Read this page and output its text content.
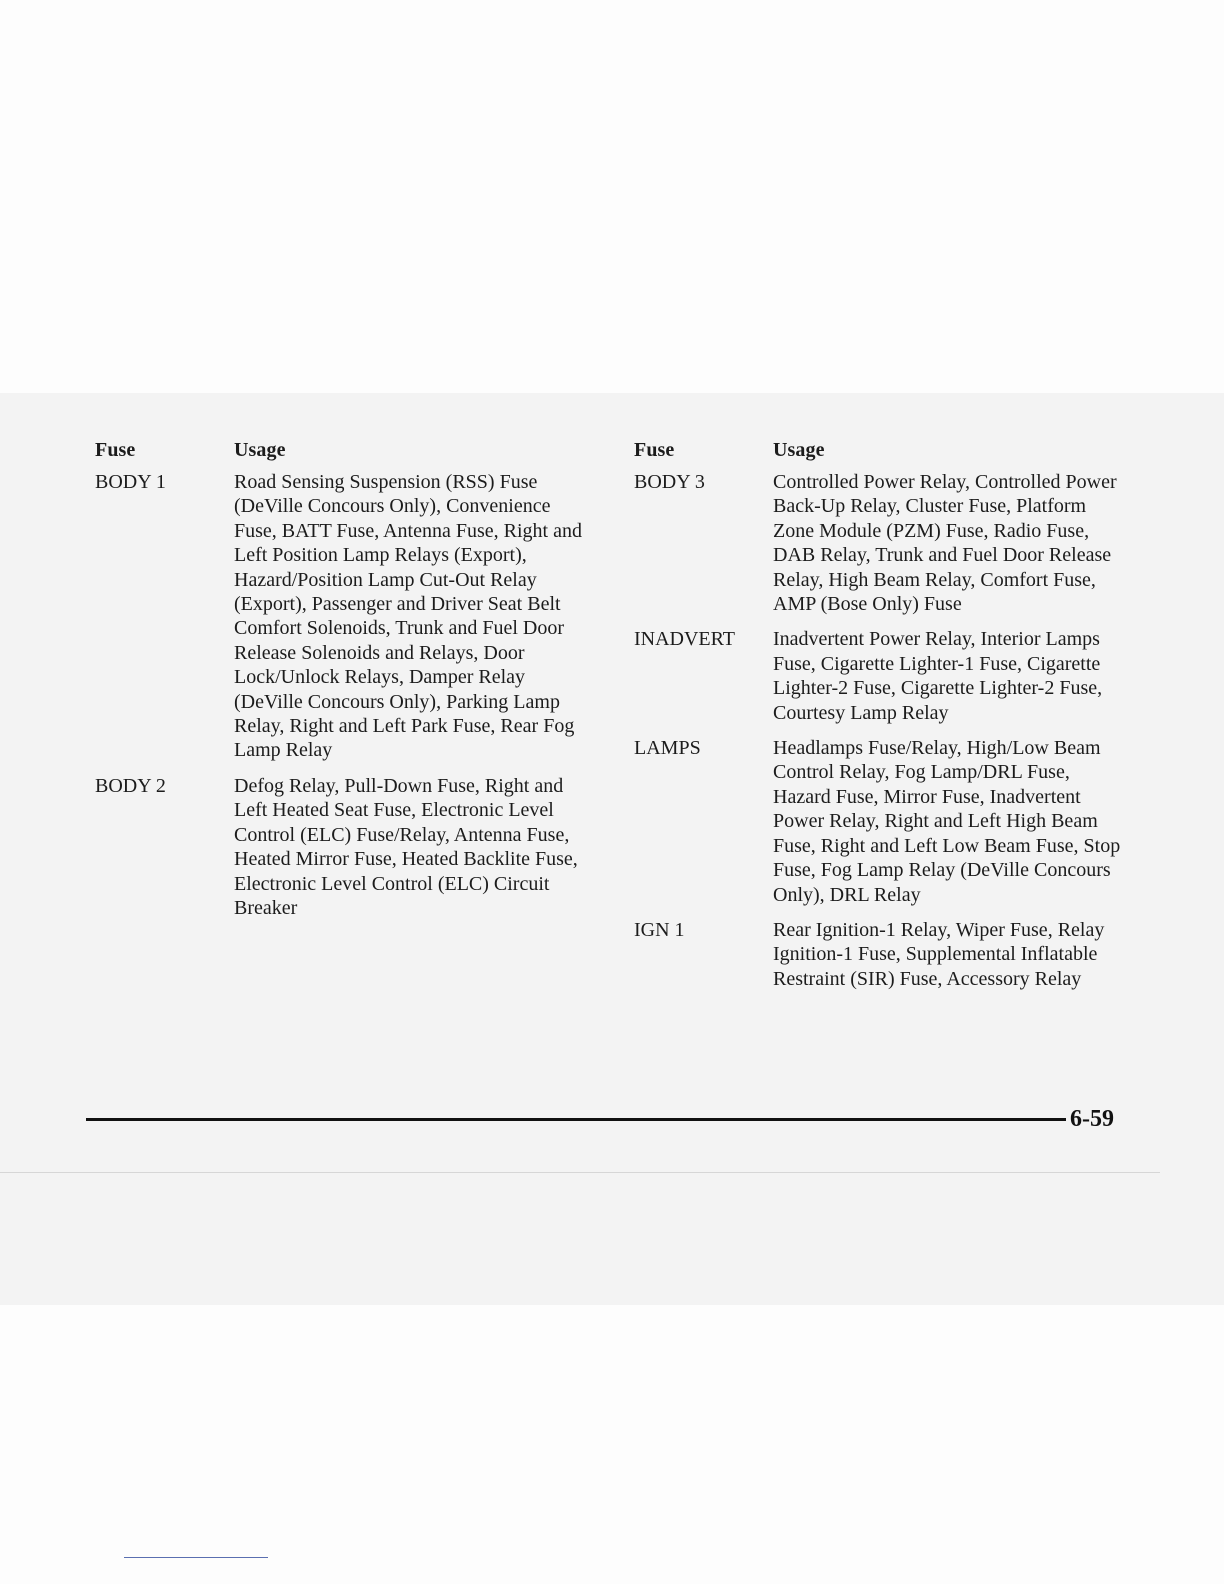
Fuse	Usage
BODY 1	Road Sensing Suspension (RSS) Fuse (DeVille Concours Only), Convenience Fuse, BATT Fuse, Antenna Fuse, Right and Left Position Lamp Relays (Export), Hazard/Position Lamp Cut-Out Relay (Export), Passenger and Driver Seat Belt Comfort Solenoids, Trunk and Fuel Door Release Solenoids and Relays, Door Lock/Unlock Relays, Damper Relay (DeVille Concours Only), Parking Lamp Relay, Right and Left Park Fuse, Rear Fog Lamp Relay
BODY 2	Defog Relay, Pull-Down Fuse, Right and Left Heated Seat Fuse, Electronic Level Control (ELC) Fuse/Relay, Antenna Fuse, Heated Mirror Fuse, Heated Backlite Fuse, Electronic Level Control (ELC) Circuit Breaker
Fuse	Usage
BODY 3	Controlled Power Relay, Controlled Power Back-Up Relay, Cluster Fuse, Platform Zone Module (PZM) Fuse, Radio Fuse, DAB Relay, Trunk and Fuel Door Release Relay, High Beam Relay, Comfort Fuse, AMP (Bose Only) Fuse
INADVERT Inadvertent Power Relay, Interior Lamps Fuse, Cigarette Lighter-1 Fuse, Cigarette Lighter-2 Fuse, Cigarette Lighter-2 Fuse, Courtesy Lamp Relay
LAMPS	Headlamps Fuse/Relay, High/Low Beam Control Relay, Fog Lamp/DRL Fuse, Hazard Fuse, Mirror Fuse, Inadvertent Power Relay, Right and Left High Beam Fuse, Right and Left Low Beam Fuse, Stop Fuse, Fog Lamp Relay (DeVille Concours Only), DRL Relay
IGN 1	Rear Ignition-1 Relay, Wiper Fuse, Relay Ignition-1 Fuse, Supplemental Inflatable Restraint (SIR) Fuse, Accessory Relay
6-59
